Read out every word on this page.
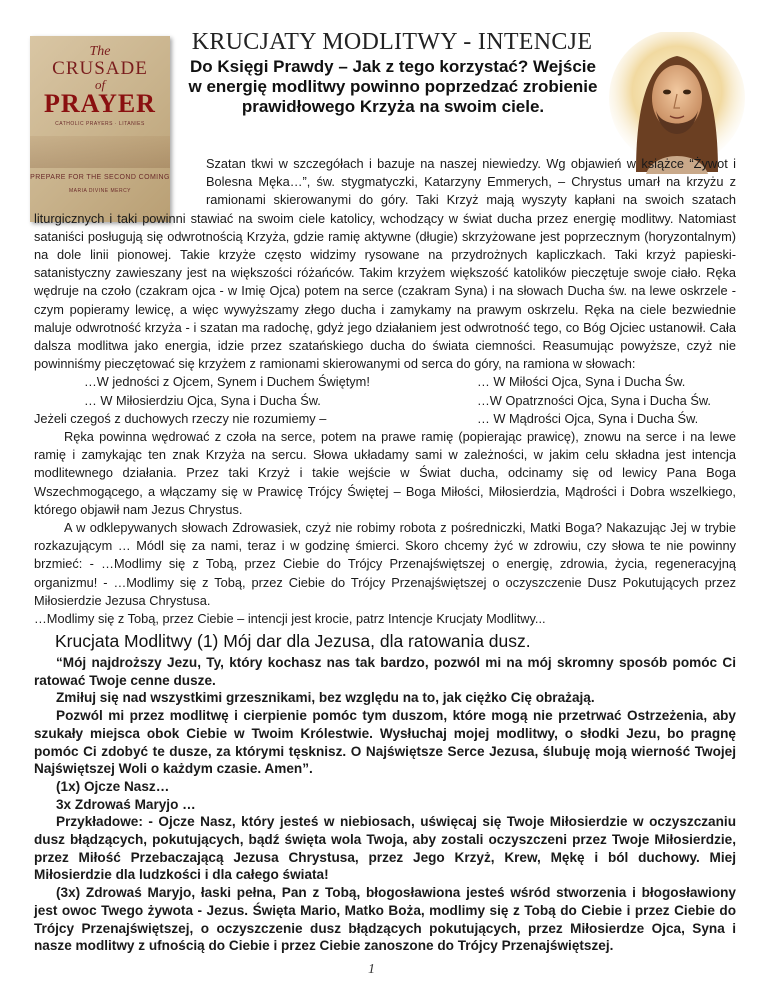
The
CRUSADE
of
PRAYER
CATHOLIC PRAYERS · LITANIES
PREPARE FOR THE SECOND COMING
MARIA DIVINE MERCY
KRUCJATY MODLITWY - INTENCJE
Do Księgi Prawdy – Jak z tego korzystać? Wejście w energię modlitwy powinno poprzedzać zrobienie prawidłowego Krzyża na swoim ciele.

Szatan tkwi w szczegółach i bazuje na naszej niewiedzy. Wg objawień w książce “Żywot i Bolesna Męka…”, św. stygmatyczki, Katarzyny Emmerych, – Chrystus umarł na krzyżu z ramionami skierowanymi do góry. Taki Krzyż mają wyszyty kapłani na swoich szatach liturgicznych i taki powinni stawiać na swoim ciele katolicy, wchodzący w świat ducha przez energię modlitwy. Natomiast sataniści posługują się odwrotnością Krzyża, gdzie ramię aktywne (długie) skrzyżowane jest poprzecznym (horyzontalnym) na dole linii pionowej. Takie krzyże często widzimy rysowane na przydrożnych kapliczkach. Taki krzyż papieski-satanistyczny zawieszany jest na większości różańców. Takim krzyżem większość katolików pieczętuje swoje ciało. Ręka wędruje na czoło (czakram ojca - w Imię Ojca) potem na serce (czakram Syna) i na słowach Ducha św. na lewe oskrzele - czym popieramy lewicę, a więc wywyższamy złego ducha i zamykamy na prawym oskrzelu. Ręka na ciele bezwiednie maluje odwrotność krzyża - i szatan ma radochę, gdyż jego działaniem jest odwrotność tego, co Bóg Ojciec ustanowił. Cała dalsza modlitwa jako energia, idzie przez szatańskiego ducha do świata ciemności. Reasumując powyższe, czyż nie powinniśmy pieczętować się krzyżem z ramionami skierowanymi od serca do góry, na ramiona w słowach:

…W jedności z Ojcem, Synem i Duchem Świętym!	… W Miłości Ojca, Syna i Ducha Św.
… W Miłosierdziu Ojca, Syna i Ducha Św.	…W Opatrzności Ojca, Syna i Ducha Św.
Jeżeli czegoś z duchowych rzeczy nie rozumiemy –	… W Mądrości Ojca, Syna i Ducha Św.

Ręka powinna wędrować z czoła na serce, potem na prawe ramię (popierając prawicę), znowu na serce i na lewe ramię i zamykając ten znak Krzyża na sercu. Słowa układamy sami w zależności, w jakim celu składna jest intencja modlitewnego działania. Przez taki Krzyż i takie wejście w Świat ducha, odcinamy się od lewicy Pana Boga Wszechmogącego, a włączamy się w Prawicę Trójcy Świętej – Boga Miłości, Miłosierdzia, Mądrości i Dobra wszelkiego, którego objawił nam Jezus Chrystus.

A w odklepywanych słowach Zdrowasiek, czyż nie robimy robota z pośredniczki, Matki Boga? Nakazując Jej w trybie rozkazującym … Módl się za nami, teraz i w godzinę śmierci. Skoro chcemy żyć w zdrowiu, czy słowa te nie powinny brzmieć: - …Modlimy się z Tobą, przez Ciebie do Trójcy Przenajświętszej o energię, zdrowia, życia, regeneracyjną organizmu! - …Modlimy się z Tobą, przez Ciebie do Trójcy Przenajświętszej o oczyszczenie Dusz Pokutujących przez Miłosierdzie Jezusa Chrystusa.

…Modlimy się z Tobą, przez Ciebie – intencji jest krocie, patrz Intencje Krucjaty Modlitwy...

Krucjata Modlitwy (1) Mój dar dla Jezusa, dla ratowania dusz.

“Mój najdroższy Jezu, Ty, który kochasz nas tak bardzo, pozwól mi na mój skromny sposób pomóc Ci ratować Twoje cenne dusze.

Zmiłuj się nad wszystkimi grzesznikami, bez względu na to, jak ciężko Cię obrażają.

Pozwól mi przez modlitwę i cierpienie pomóc tym duszom, które mogą nie przetrwać Ostrzeżenia, aby szukały miejsca obok Ciebie w Twoim Królestwie. Wysłuchaj mojej modlitwy, o słodki Jezu, bo pragnę pomóc Ci zdobyć te dusze, za którymi tęsknisz. O Najświętsze Serce Jezusa, ślubuję moją wierność Twojej Najświętszej Woli o każdym czasie. Amen”.

(1x) Ojcze Nasz…

3x Zdrowaś Maryjo …

Przykładowe: - Ojcze Nasz, który jesteś w niebiosach, uświęcaj się Twoje Miłosierdzie w oczyszczaniu dusz błądzących, pokutujących, bądź święta wola Twoja, aby zostali oczyszczeni przez Twoje Miłosierdzie, przez Miłość Przebaczającą Jezusa Chrystusa, przez Jego Krzyż, Krew, Mękę i ból duchowy. Miej Miłosierdzie dla ludzkości i dla całego świata!

(3x) Zdrowaś Maryjo, łaski pełna, Pan z Tobą, błogosławiona jesteś wśród stworzenia i błogosławiony jest owoc Twego żywota - Jezus. Święta Mario, Matko Boża, modlimy się z Tobą do Ciebie i przez Ciebie do Trójcy Przenajświętszej, o oczyszczenie dusz błądzących pokutujących, przez Miłosierdze Ojca, Syna i nasze modlitwy z ufnością do Ciebie i przez Ciebie zanoszone do Trójcy Przenajświętszej.

1
